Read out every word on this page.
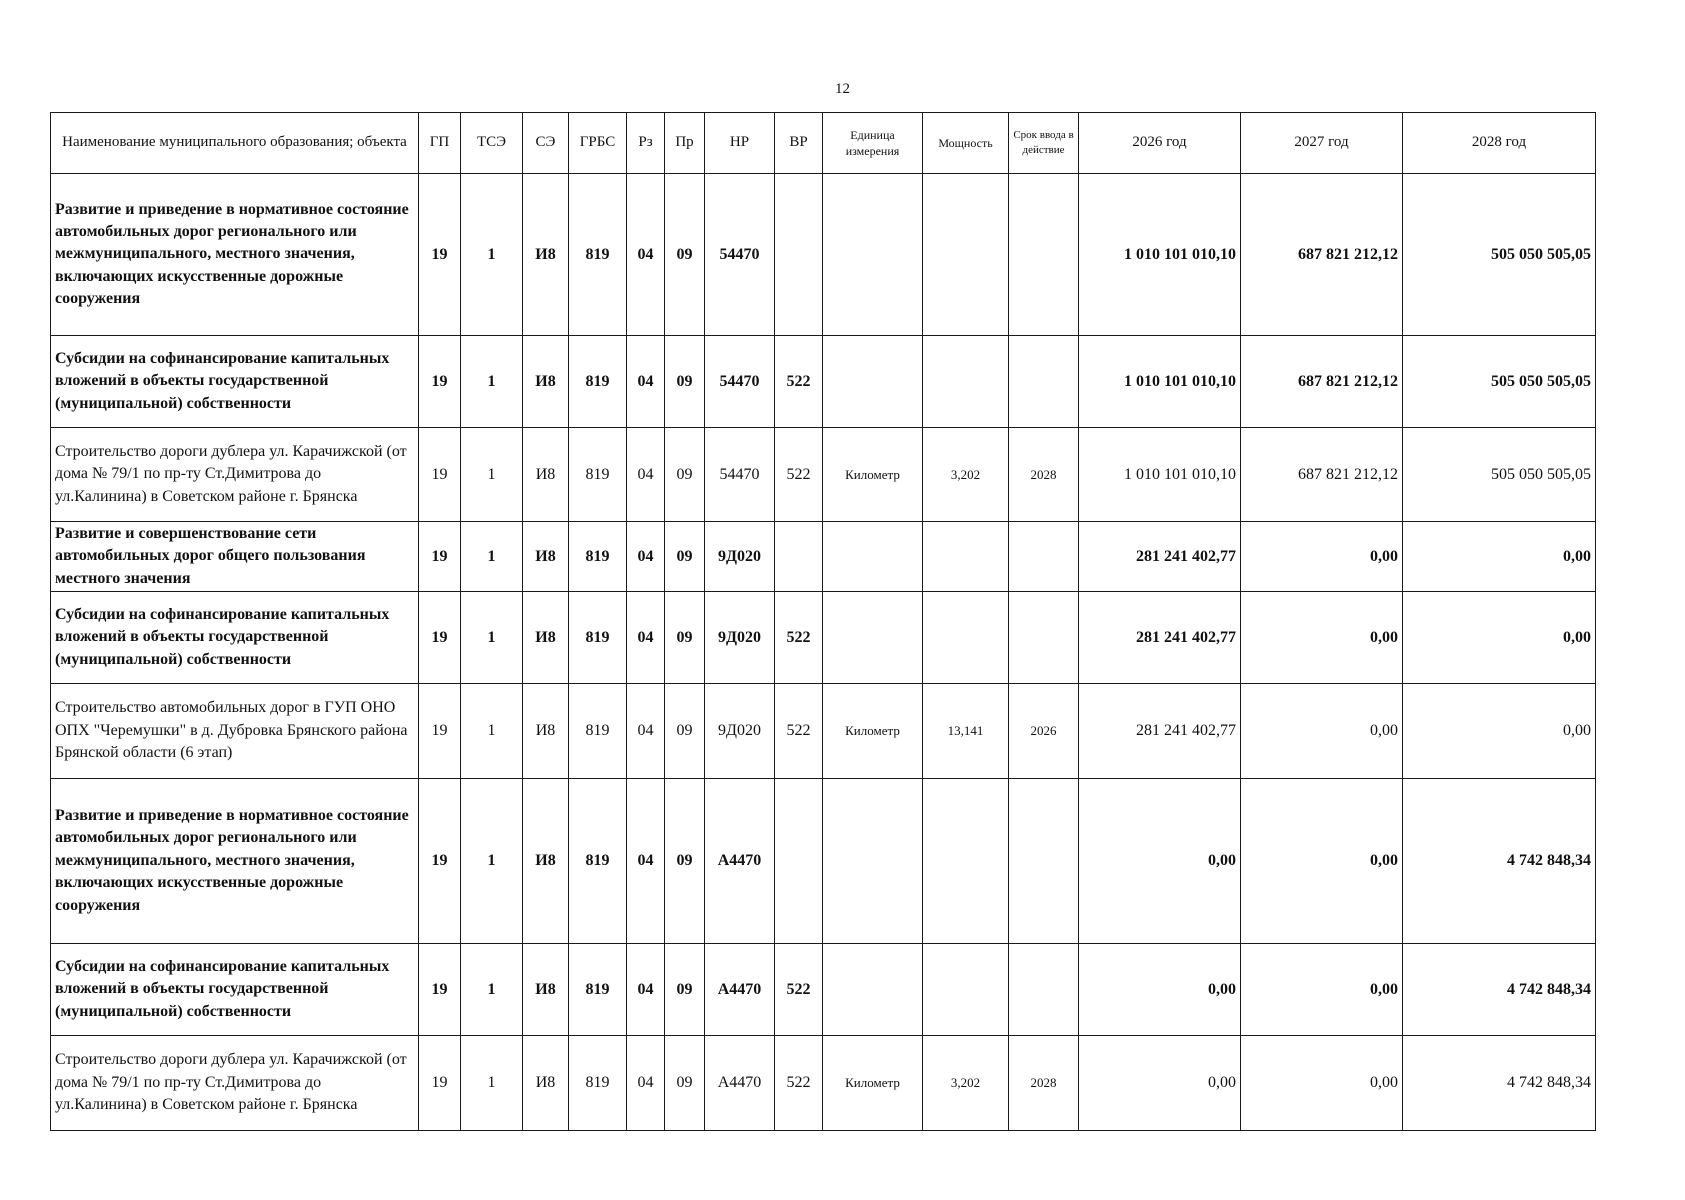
12
Наименование муниципального образования; объекта	ГП	ТСЭ	СЭ	ГРБС	Рз	Пр	НР	ВР	Единица измерения	Мощность	Срок ввода в действие	2026 год	2027 год	2028 год
Развитие и приведение в нормативное состояние автомобильных дорог регионального или межмуниципального, местного значения, включающих искусственные дорожные сооружения	19	1	И8	819	04	09	54470					1 010 101 010,10	687 821 212,12	505 050 505,05
Субсидии на софинансирование капитальных вложений в объекты государственной (муниципальной) собственности	19	1	И8	819	04	09	54470	522				1 010 101 010,10	687 821 212,12	505 050 505,05
Строительство дороги дублера ул. Карачижской (от дома № 79/1 по пр-ту Ст.Димитрова до ул.Калинина) в Советском районе г. Брянска	19	1	И8	819	04	09	54470	522	Километр	3,202	2028	1 010 101 010,10	687 821 212,12	505 050 505,05
Развитие и совершенствование сети автомобильных дорог общего пользования местного значения	19	1	И8	819	04	09	9Д020					281 241 402,77	0,00	0,00
Субсидии на софинансирование капитальных вложений в объекты государственной (муниципальной) собственности	19	1	И8	819	04	09	9Д020	522				281 241 402,77	0,00	0,00
Строительство автомобильных дорог в ГУП ОНО ОПХ "Черемушки" в д. Дубровка Брянского района Брянской области (6 этап)	19	1	И8	819	04	09	9Д020	522	Километр	13,141	2026	281 241 402,77	0,00	0,00
Развитие и приведение в нормативное состояние автомобильных дорог регионального или межмуниципального, местного значения, включающих искусственные дорожные сооружения	19	1	И8	819	04	09	А4470					0,00	0,00	4 742 848,34
Субсидии на софинансирование капитальных вложений в объекты государственной (муниципальной) собственности	19	1	И8	819	04	09	А4470	522				0,00	0,00	4 742 848,34
Строительство дороги дублера ул. Карачижской (от дома № 79/1 по пр-ту Ст.Димитрова до ул.Калинина) в Советском районе г. Брянска	19	1	И8	819	04	09	А4470	522	Километр	3,202	2028	0,00	0,00	4 742 848,34
